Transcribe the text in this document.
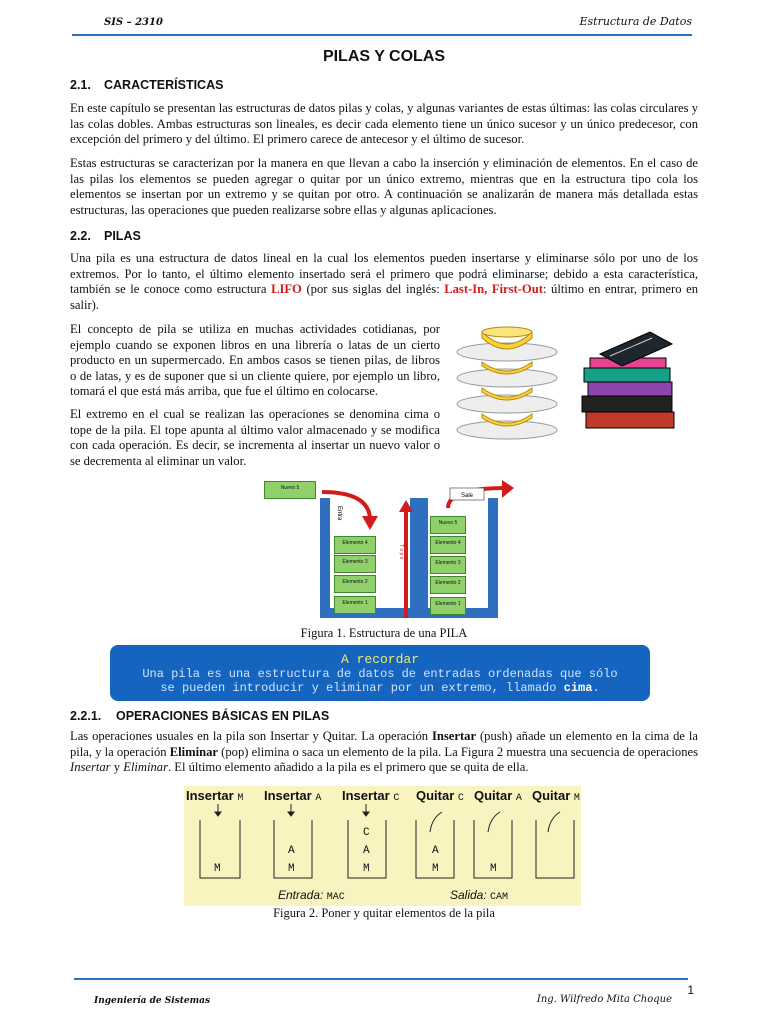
SIS – 2310	Estructura de Datos
PILAS Y COLAS
2.1. CARACTERÍSTICAS
En este capítulo se presentan las estructuras de datos pilas y colas, y algunas variantes de estas últimas: las colas circulares y las colas dobles. Ambas estructuras son lineales, es decir cada elemento tiene un único sucesor y un único predecesor, con excepción del primero y del último. El primero carece de antecesor y el último de sucesor.
Estas estructuras se caracterizan por la manera en que llevan a cabo la inserción y eliminación de elementos. En el caso de las pilas los elementos se pueden agregar o quitar por un único extremo, mientras que en la estructura tipo cola los elementos se insertan por un extremo y se quitan por otro. A continuación se analizarán de manera más detallada estas estructuras, las operaciones que pueden realizarse sobre ellas y algunas aplicaciones.
2.2. PILAS
Una pila es una estructura de datos lineal en la cual los elementos pueden insertarse y eliminarse sólo por uno de los extremos. Por lo tanto, el último elemento insertado será el primero que podrá eliminarse; debido a esta característica, también se le conoce como estructura LIFO (por sus siglas del inglés: Last-In, First-Out: último en entrar, primero en salir).
El concepto de pila se utiliza en muchas actividades cotidianas, por ejemplo cuando se exponen libros en una librería o latas de un cierto producto en un supermercado. En ambos casos se tienen pilas, de libros o de latas, y es de suponer que si un cliente quiere, por ejemplo un libro, tomará el que está más arriba, que fue el último en colocarse.
El extremo en el cual se realizan las operaciones se denomina cima o tope de la pila. El tope apunta al último valor almacenado y se modifica con cada operación. Es decir, se incrementa al insertar un nuevo valor o se decrementa al eliminar un valor.
Sale
Entra
T o p e
Nuevo 5
Elemento 4
Elemento 3
Elemento 2
Elemento 1
Nuevo 5
Elemento 4
Elemento 3
Elemento 2
Elemento 1
Figura 1. Estructura de una PILA
A recordar
Una pila es una estructura de datos de entradas ordenadas que sólo
se pueden introducir y eliminar por un extremo, llamado cima.
2.2.1. OPERACIONES BÁSICAS EN PILAS
Las operaciones usuales en la pila son Insertar y Quitar. La operación Insertar (push) añade un elemento en la cima de la pila, y la operación Eliminar (pop) elimina o saca un elemento de la pila. La Figura 2 muestra una secuencia de operaciones Insertar y Eliminar. El último elemento añadido a la pila es el primero que se quita de ella.
Insertar M Insertar A Insertar C Quitar C Quitar A Quitar M
M
A
M
C
A
M
A
M	M
Entrada: MAC	Salida: CAM
Figura 2. Poner y quitar elementos de la pila
1
Ingeniería de Sistemas	Ing. Wilfredo Mita Choque
